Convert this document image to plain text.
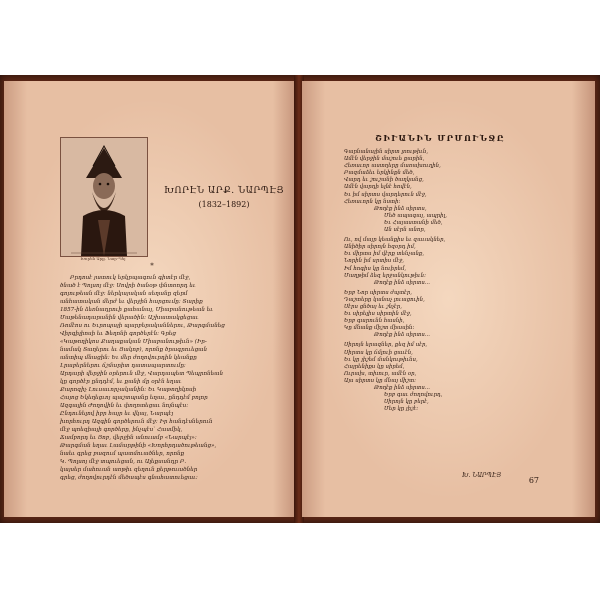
Խորեն Արք. Նար-Պեյ
ԽՈՐԷՆ ԱՐՔ. ՆԱՐՊԷՅ
(1832–1892)
*
Բրդոսէ յատուկ երկրպագուն գիտէր մէջ,
ծնած է Պոլսոյ մէջ: Սովրի ծանօթ փնտռորդ եւ
գոյութեան մէջ: ներկայական սեղանը զերմ
անհատական մերժ եւ վերջին հարցումը։ Տարիք
1857-ին ձեռնադրուի քահանայ, Միաբանութեան եւ
Մաթենադարանին վերածին։ Աշխատակցեցաւ
Ռոմէոս ու Եւրոպայի պարբերականներու, Թարգմանեց
Վիրգիլիոսի եւ Ֆեղոնի գործերէն: Գրեց
«Կաթողիկոս Քաղաքական Միաբանութիւն» (Իր-
նամակ Տաղերու եւ Յակոբ), որոնք ծրագրուեցան
անտիպ մնացին։ Եւ մեր ժողովուրդին կեանքը
Լրաբերներու ճշմարիտ դատապարտումը։
Արդարի վերջին օրերուն մէջ, Վարդապետ Պեպրոնեան
կը գործէր ընդդէմ, եւ քանի մը օրէն եղաւ
Քարոզիչ Լուսաւորչականին: Եւ Կաթողիկոսի
Հայոց Եկեղեցւոյ պաշտպանը եղաւ, ընդդէմ բոլոր
Ազգային Ժողովին եւ փողոտեցաւ նոյնպէս։
Ընդունելով իբր հայր եւ վկայ, Նարպէյ
խորհուրդ Ազգին գործերուն մէջ: Իր հանդէսներուն
մէջ պոեզիայի գործերը, ինչպէս՝ Հասմիկ,
Ճամբորդ եւ Յոբ, վերջին անուամբ «Նարպէյ»:
Թարգման եղաւ Լամարթինի «Խորհրդածութեանց»,
նաեւ գրեց բազում պատմուածներ, որոնք
Կ. Պոլսոյ մէջ տպուեցան, ու Ալեքսանդր Բ.
կայսեր մահուան առթիւ զեղուն քերթուածներ
գրեց, ժողովուրդէն մեծապէս գնահատուեցաւ։
ՇԻՒԱՆԻՆ ՄՐՄՈՒՆՋԸ
Գարնանային սիրտ լռութիւն,
Ամէն վերջին մաշուե քարին,
Հեռաւոր աստղերը մառախուղին,
Բազմաձեւ երկինքն մեծ,
Վարդ եւ շուշանի ծաղկանց,
Ամէն վարդի ելնէ հովէն,
Եւ իմ սիրտս վարդերուն մէջ,
Հեռաւորն կը նստի։
Թողէք ինձ սիրտս,
Մեծ ապագայ, ապրիլ,
Եւ Հայաստանի մեծ,
Ան սէրն անոր,
Ու, ով մայր կեանքիս եւ զաւակներ,
Անիծիր սիրոյն հզօրդ իմ,
Եւ միրտս իմ վէրք տենչանք,
Նորին իմ սրտիս մէջ,
Իմ հոգիս կը նուիրեմ,
Մաղթիմ ձեզ երջանկութիւն։
Թողէք ինձ սիրտս...
Երբ Նոր սիրտս ժպտէր,
Դաշտերը կանաչ լուացուին,
Սէրս ցնծայ եւ շնչէր,
Եւ սիրելիս սիրտին մէջ,
Երբ գարունն հասնի,
Կը մնանք միշտ միասին։
Թողէք ինձ սիրտս...
Սիրոյն երազներ, քեզ իմ սէր,
Սիրտս կը ճմլուի ցաւէն,
Եւ կը յիշեմ մանկութիւնս,
Հայրենիքս կը սիրեմ,
Ուրախ, տխուր, ամէն օր,
Այս սիրտս կը մնայ միշտ։
Թողէք ինձ սիրտս...
Երբ գաւ ժողովուրդ,
Սիրոյն կը բերէ,
Մեր կը յիշէ։
Խ. ՆԱՐՊԷՅ
67
